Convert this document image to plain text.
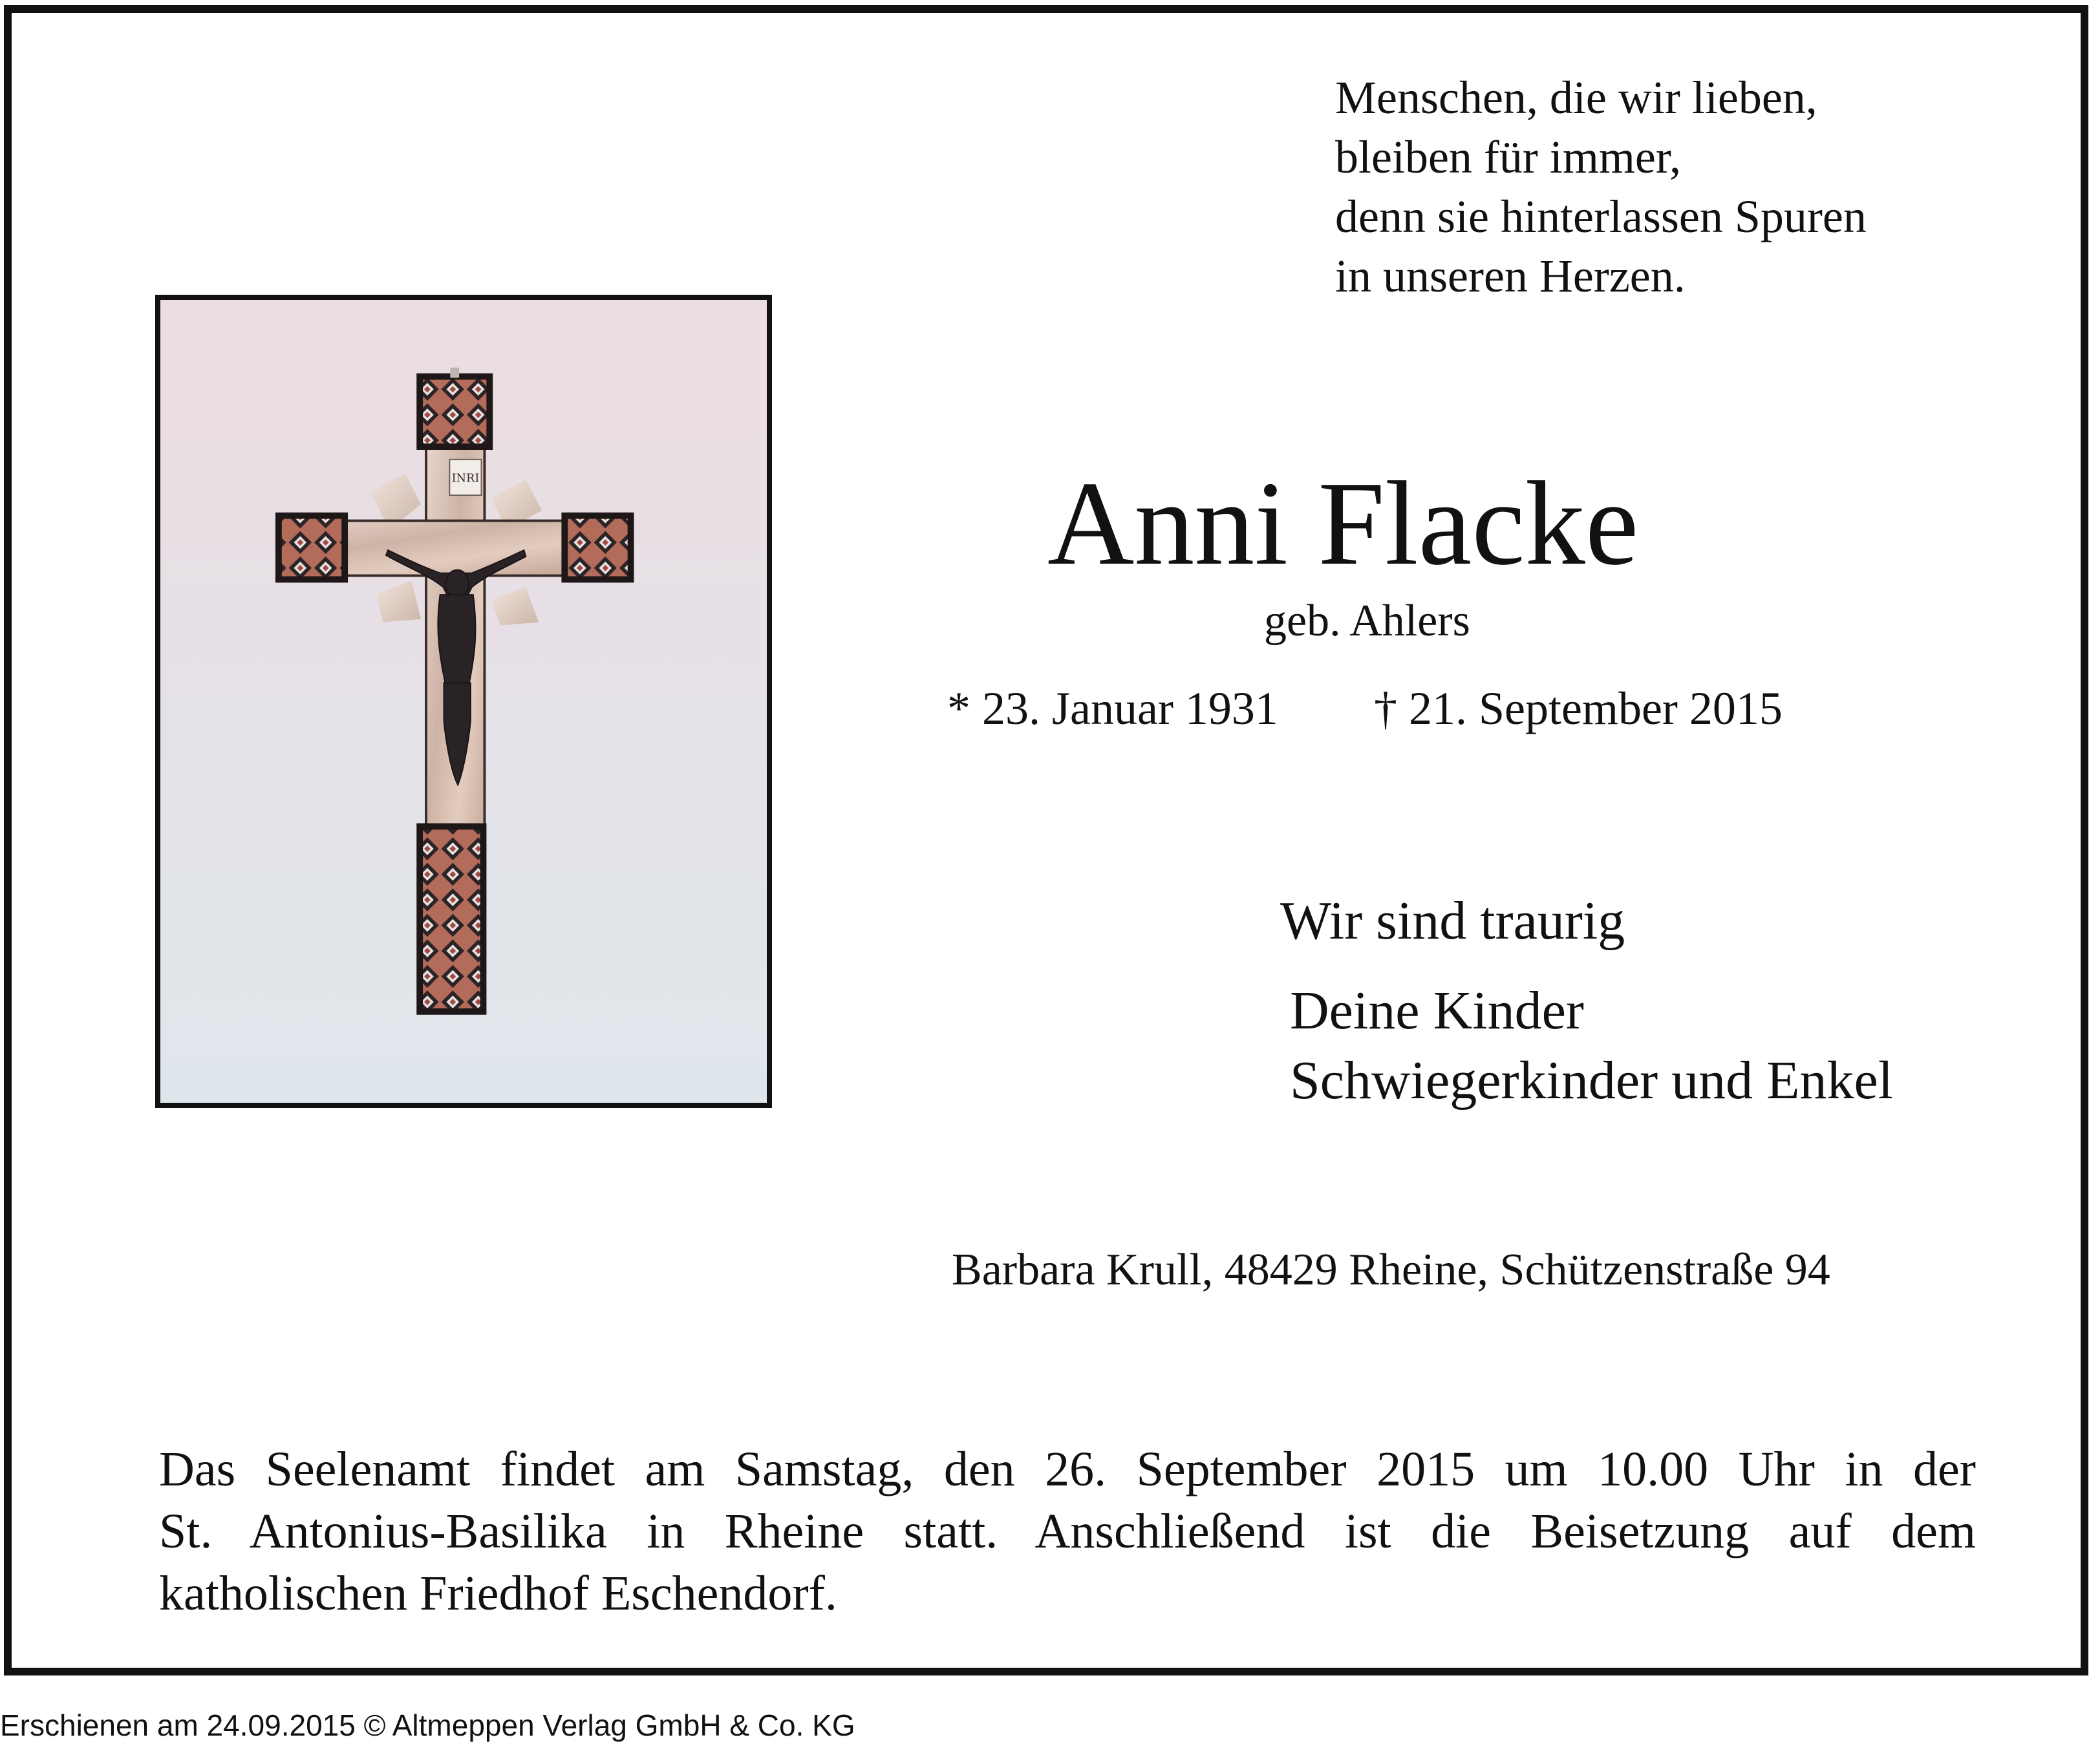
Menschen, die wir lieben,
bleiben für immer,
denn sie hinterlassen Spuren
in unseren Herzen.
INRI	Anni Flacke
geb. Ahlers
* 23. Januar 1931 † 21. September 2015
Wir sind traurig
Deine Kinder
Schwiegerkinder und Enkel
Barbara Krull, 48429 Rheine, Schützenstraße 94
Das Seelenamt findet am Samstag, den 26. September 2015 um 10.00 Uhr in der
St. Antonius-Basilika in Rheine statt. Anschließend ist die Beisetzung auf dem
katholischen Friedhof Eschendorf.
Erschienen am 24.09.2015 © Altmeppen Verlag GmbH & Co. KG
